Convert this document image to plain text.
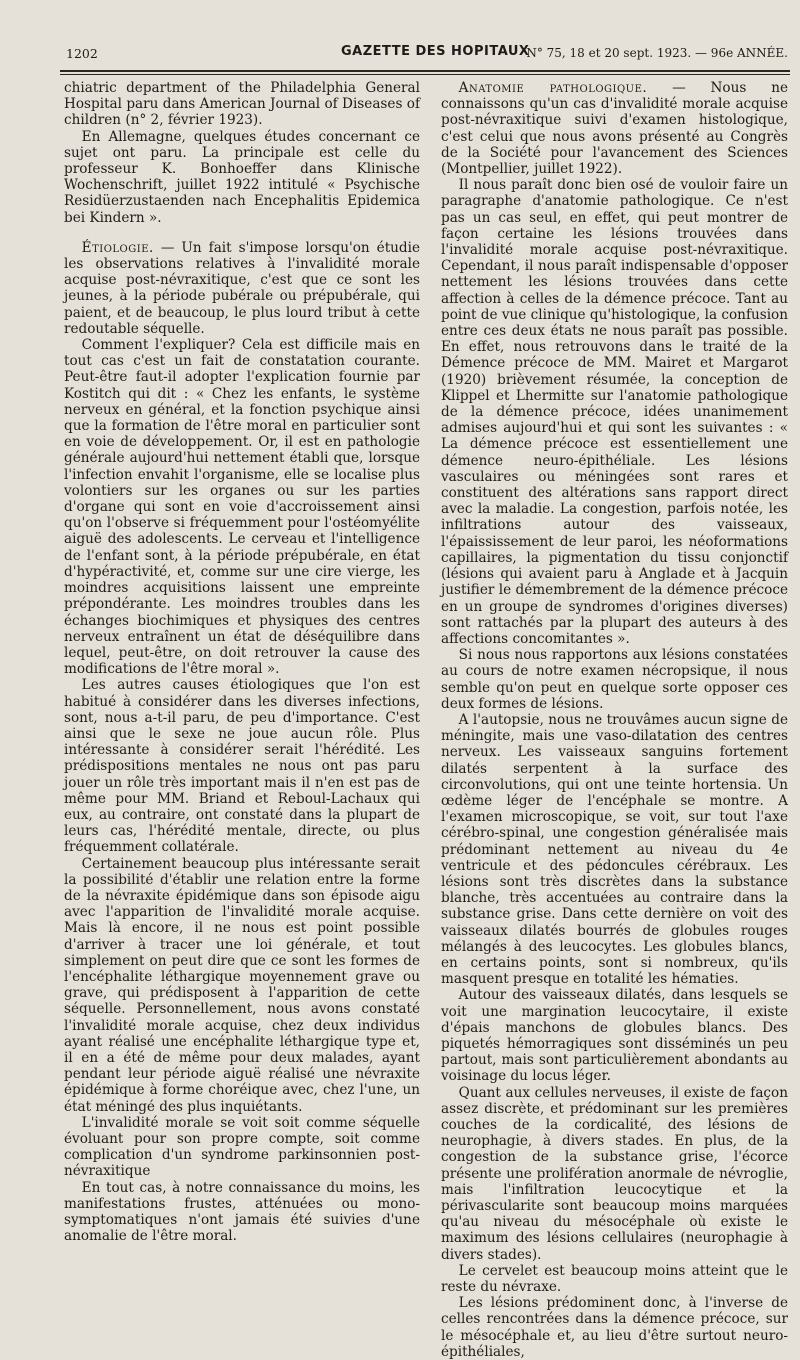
1202	GAZETTE DES HOPITAUX
N° 75, 18 et 20 sept. 1923. — 96e ANNÉE.

chiatric department of the Philadelphia General Hospital paru dans American Journal of Diseases of children (n° 2, février 1923).

En Allemagne, quelques études concernant ce sujet ont paru. La principale est celle du professeur K. Bonhoeffer dans Klinische Wochenschrift, juillet 1922 intitulé « Psychische Residüerzustaenden nach Encephalitis Epidemica bei Kindern ».

Étiologie. — Un fait s'impose lorsqu'on étudie les observations relatives à l'invalidité morale acquise post-névraxitique, c'est que ce sont les jeunes, à la période pubérale ou prépubérale, qui paient, et de beaucoup, le plus lourd tribut à cette redoutable séquelle.

Comment l'expliquer? Cela est difficile mais en tout cas c'est un fait de constatation courante. Peut-être faut-il adopter l'explication fournie par Kostitch qui dit : « Chez les enfants, le système nerveux en général, et la fonction psychique ainsi que la formation de l'être moral en particulier sont en voie de développement. Or, il est en pathologie générale aujourd'hui nettement établi que, lorsque l'infection envahit l'organisme, elle se localise plus volontiers sur les organes ou sur les parties d'organe qui sont en voie d'accroissement ainsi qu'on l'observe si fréquemment pour l'ostéomyélite aiguë des adolescents. Le cerveau et l'intelligence de l'enfant sont, à la période prépubérale, en état d'hypéractivité, et, comme sur une cire vierge, les moindres acquisitions laissent une empreinte prépondérante. Les moindres troubles dans les échanges biochimiques et physiques des centres nerveux entraînent un état de déséquilibre dans lequel, peut-être, on doit retrouver la cause des modifications de l'être moral ».

Les autres causes étiologiques que l'on est habitué à considérer dans les diverses infections, sont, nous a-t-il paru, de peu d'importance. C'est ainsi que le sexe ne joue aucun rôle. Plus intéressante à considérer serait l'hérédité. Les prédispositions mentales ne nous ont pas paru jouer un rôle très important mais il n'en est pas de même pour MM. Briand et Reboul-Lachaux qui eux, au contraire, ont constaté dans la plupart de leurs cas, l'hérédité mentale, directe, ou plus fréquemment collatérale.

Certainement beaucoup plus intéressante serait la possibilité d'établir une relation entre la forme de la névraxite épidémique dans son épisode aigu avec l'apparition de l'invalidité morale acquise. Mais là encore, il ne nous est point possible d'arriver à tracer une loi générale, et tout simplement on peut dire que ce sont les formes de l'encéphalite léthargique moyennement grave ou grave, qui prédisposent à l'apparition de cette séquelle. Personnellement, nous avons constaté l'invalidité morale acquise, chez deux individus ayant réalisé une encéphalite léthargique type et, il en a été de même pour deux malades, ayant pendant leur période aiguë réalisé une névraxite épidémique à forme choréique avec, chez l'une, un état méningé des plus inquiétants.

L'invalidité morale se voit soit comme séquelle évoluant pour son propre compte, soit comme complication d'un syndrome parkinsonnien post-névraxitique

En tout cas, à notre connaissance du moins, les manifestations frustes, atténuées ou mono-symptomatiques n'ont jamais été suivies d'une anomalie de l'être moral.

Anatomie pathologique. — Nous ne connaissons qu'un cas d'invalidité morale acquise post-névraxitique suivi d'examen histologique, c'est celui que nous avons présenté au Congrès de la Société pour l'avancement des Sciences (Montpellier, juillet 1922).

Il nous paraît donc bien osé de vouloir faire un paragraphe d'anatomie pathologique. Ce n'est pas un cas seul, en effet, qui peut montrer de façon certaine les lésions trouvées dans l'invalidité morale acquise post-névraxitique. Cependant, il nous paraît indispensable d'opposer nettement les lésions trouvées dans cette affection à celles de la démence précoce. Tant au point de vue clinique qu'histologique, la confusion entre ces deux états ne nous paraît pas possible. En effet, nous retrouvons dans le traité de la Démence précoce de MM. Mairet et Margarot (1920) brièvement résumée, la conception de Klippel et Lhermitte sur l'anatomie pathologique de la démence précoce, idées unanimement admises aujourd'hui et qui sont les suivantes : « La démence précoce est essentiellement une démence neuro-épithéliale. Les lésions vasculaires ou méningées sont rares et constituent des altérations sans rapport direct avec la maladie. La congestion, parfois notée, les infiltrations autour des vaisseaux, l'épaississement de leur paroi, les néoformations capillaires, la pigmentation du tissu conjonctif (lésions qui avaient paru à Anglade et à Jacquin justifier le démembrement de la démence précoce en un groupe de syndromes d'origines diverses) sont rattachés par la plupart des auteurs à des affections concomitantes ».

Si nous nous rapportons aux lésions constatées au cours de notre examen nécropsique, il nous semble qu'on peut en quelque sorte opposer ces deux formes de lésions.

A l'autopsie, nous ne trouvâmes aucun signe de méningite, mais une vaso-dilatation des centres nerveux. Les vaisseaux sanguins fortement dilatés serpentent à la surface des circonvolutions, qui ont une teinte hortensia. Un œdème léger de l'encéphale se montre. A l'examen microscopique, se voit, sur tout l'axe cérébro-spinal, une congestion généralisée mais prédominant nettement au niveau du 4e ventricule et des pédoncules cérébraux. Les lésions sont très discrètes dans la substance blanche, très accentuées au contraire dans la substance grise. Dans cette dernière on voit des vaisseaux dilatés bourrés de globules rouges mélangés à des leucocytes. Les globules blancs, en certains points, sont si nombreux, qu'ils masquent presque en totalité les hématies.

Autour des vaisseaux dilatés, dans lesquels se voit une margination leucocytaire, il existe d'épais manchons de globules blancs. Des piquetés hémorragiques sont disséminés un peu partout, mais sont particulièrement abondants au voisinage du locus léger.

Quant aux cellules nerveuses, il existe de façon assez discrète, et prédominant sur les premières couches de la cordicalité, des lésions de neurophagie, à divers stades. En plus, de la congestion de la substance grise, l'écorce présente une prolifération anormale de névroglie, mais l'infiltration leucocytique et la périvascularite sont beaucoup moins marquées qu'au niveau du mésocéphale où existe le maximum des lésions cellulaires (neurophagie à divers stades).

Le cervelet est beaucoup moins atteint que le reste du névraxe.

Les lésions prédominent donc, à l'inverse de celles rencontrées dans la démence précoce, sur le mésocéphale et, au lieu d'être surtout neuro-épithéliales,
